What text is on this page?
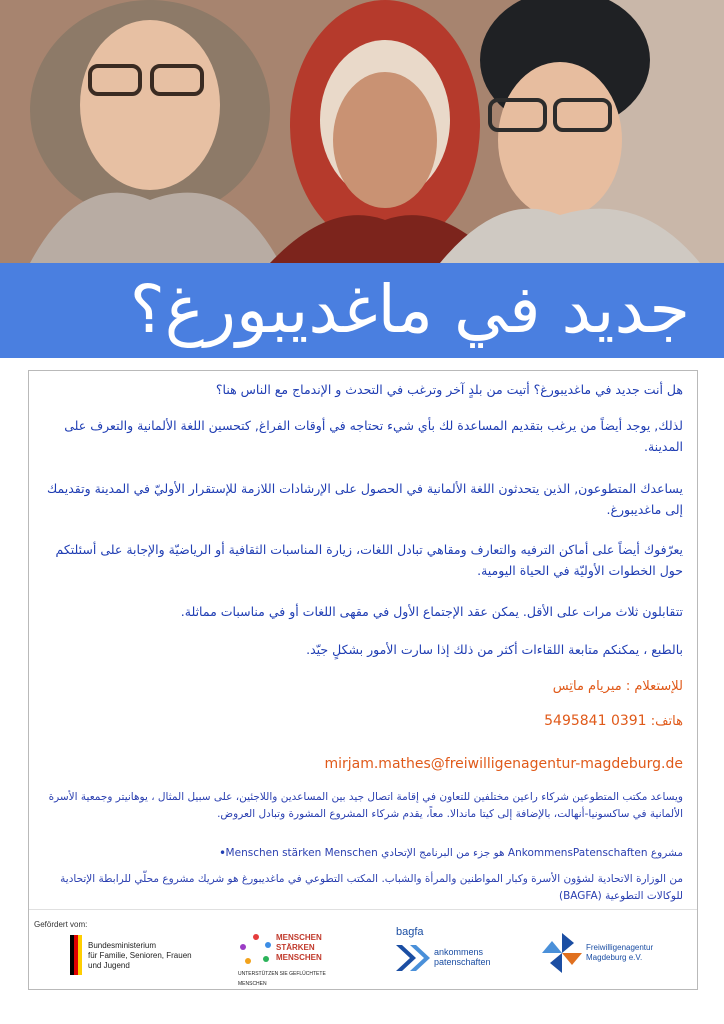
جديد في ماغديبورغ؟
هل أنت جديد في ماغديبورغ؟ أتيت من بلدٍ آخر وترغب في التحدث و الإندماج مع الناس هنا؟
لذلك, يوجد أيضاً من يرغب بتقديم المساعدة لك بأي شيء تحتاجه في أوقات الفراغ, كتحسين اللغة الألمانية والتعرف على المدينة.
يساعدك المتطوعون, الذين يتحدثون اللغة الألمانية في الحصول على الإرشادات اللازمة للإستقرار الأوليّ في المدينة وتقديمك إلى ماغديبورغ.
يعرّفوك أيضاً على أماكن الترفيه والتعارف ومقاهي تبادل اللغات، زيارة المناسبات الثقافية أو الرياضيّة والإجابة على أسئلتكم حول الخطوات الأوليّة في الحياة اليومية.
تتقابلون ثلاث مرات على الأقل. يمكن عقد الإجتماع الأول في مقهى اللغات أو في مناسبات مماثلة.
بالطبع ، يمكنكم متابعة اللقاءات أكثر من ذلك إذا سارت الأمور بشكلٍ جيّد.
للإستعلام : ميريام ماتِس
هاتف: 0391 5495841
mirjam.mathes@freiwilligenagentur-magdeburg.de
ويساعد مكتب المتطوعين شركاء راعين مختلفين للتعاون في إقامة اتصال جيد بين المساعدين واللاجئين، على سبيل المثال ، يوهانيتر وجمعية الأسرة الألمانية في ساكسونيا-أنهالت، بالإضافة إلى كيتا ماندالا. معاً، يقدم شركاء المشروع المشورة وتبادل العروض.
مشروع AnkommensPatenschaften هو جزء من البرنامج الإتحادي Menschen stärken Menschen
•
من الوزارة الاتحادية لشؤون الأسرة وكبار المواطنين والمرأة والشباب. المكتب التطوعي في ماغديبورغ هو شريك مشروع محلّي للرابطة الإتحادية للوكالات التطوعية (BAGFA)
Gefördert vom:
Bundesministerium
für Familie, Senioren, Frauen
und Jugend
MENSCHEN
STÄRKEN
MENSCHEN
UNTERSTÜTZEN SIE GEFLÜCHTETE MENSCHEN
bagfa
ankommens
patenschaften
Freiwilligenagentur
Magdeburg e.V.
